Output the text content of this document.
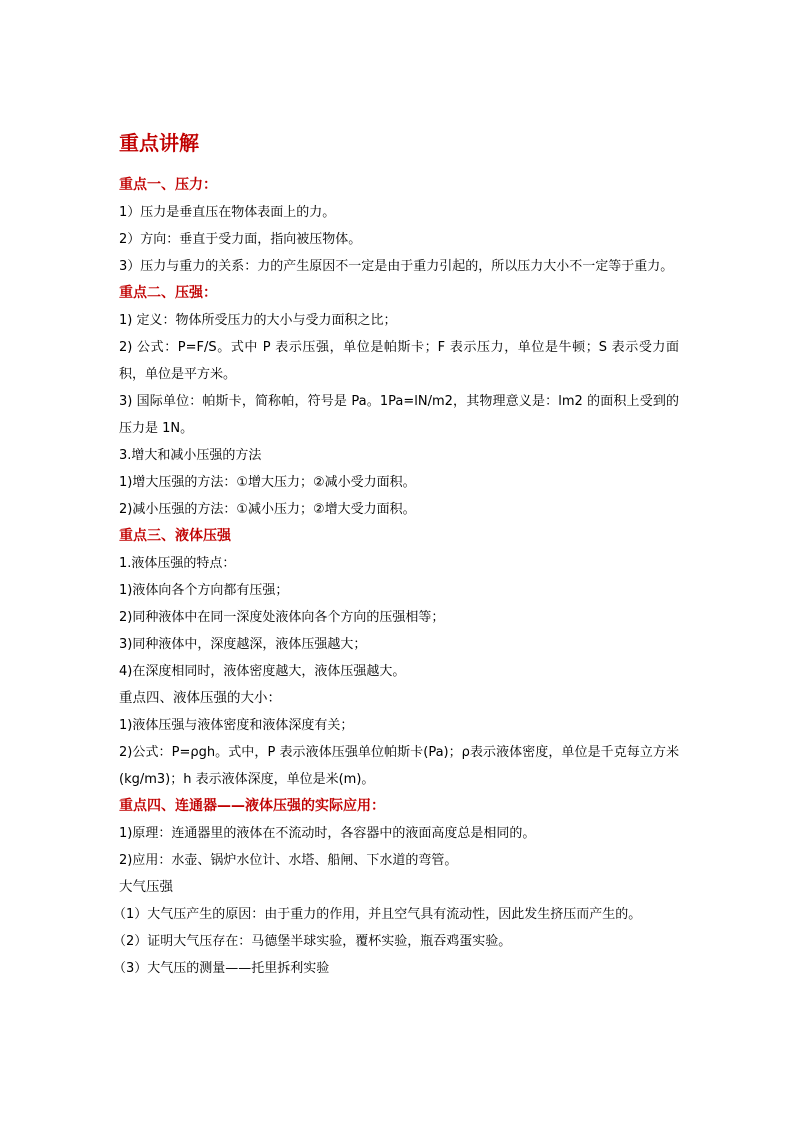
重点讲解
重点一、压力：
1）压力是垂直压在物体表面上的力。
2）方向：垂直于受力面，指向被压物体。
3）压力与重力的关系：力的产生原因不一定是由于重力引起的，所以压力大小不一定等于重力。
重点二、压强：
1) 定义：物体所受压力的大小与受力面积之比；
2) 公式：P=F/S。式中 P 表示压强，单位是帕斯卡；F 表示压力，单位是牛顿；S 表示受力面积，单位是平方米。
3) 国际单位：帕斯卡，简称帕，符号是 Pa。1Pa=lN/m2，其物理意义是：lm2 的面积上受到的压力是 1N。
3.增大和减小压强的方法
1)增大压强的方法：①增大压力；②减小受力面积。
2)减小压强的方法：①减小压力；②增大受力面积。
重点三、液体压强
1.液体压强的特点：
1)液体向各个方向都有压强；
2)同种液体中在同一深度处液体向各个方向的压强相等；
3)同种液体中，深度越深，液体压强越大；
4)在深度相同时，液体密度越大，液体压强越大。
重点四、液体压强的大小：
1)液体压强与液体密度和液体深度有关；
2)公式：P=ρgh。式中，P 表示液体压强单位帕斯卡(Pa)；ρ表示液体密度，单位是千克每立方米(kg/m3)；h 表示液体深度，单位是米(m)。
重点四、连通器——液体压强的实际应用：
1)原理：连通器里的液体在不流动时，各容器中的液面高度总是相同的。
2)应用：水壶、锅炉水位计、水塔、船闸、下水道的弯管。
大气压强
（1）大气压产生的原因：由于重力的作用，并且空气具有流动性，因此发生挤压而产生的。
（2）证明大气压存在：马德堡半球实验，覆杯实验，瓶吞鸡蛋实验。
（3）大气压的测量——托里拆利实验
